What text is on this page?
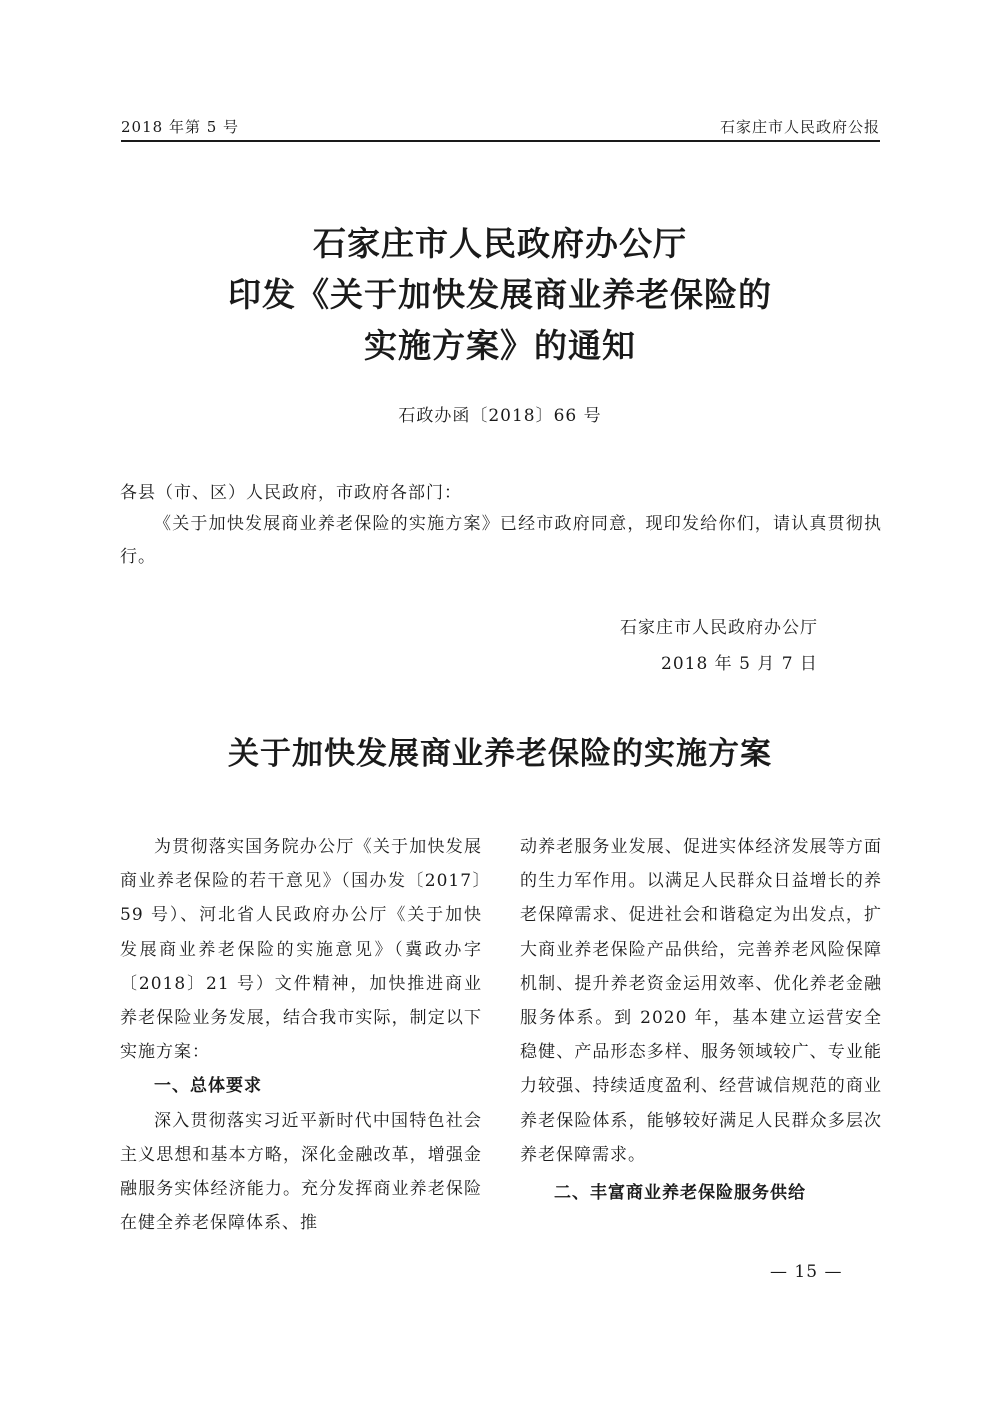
2018 年第 5 号	石家庄市人民政府公报
石家庄市人民政府办公厅
印发《关于加快发展商业养老保险的
实施方案》的通知
石政办函〔2018〕66 号
各县（市、区）人民政府，市政府各部门：

《关于加快发展商业养老保险的实施方案》已经市政府同意，现印发给你们，请认真贯彻执行。

石家庄市人民政府办公厅
2018 年 5 月 7 日
关于加快发展商业养老保险的实施方案

为贯彻落实国务院办公厅《关于加快发展商业养老保险的若干意见》（国办发〔2017〕59 号）、河北省人民政府办公厅《关于加快发展商业养老保险的实施意见》（冀政办字〔2018〕21 号）文件精神，加快推进商业养老保险业务发展，结合我市实际，制定以下实施方案：

一、总体要求

深入贯彻落实习近平新时代中国特色社会主义思想和基本方略，深化金融改革，增强金融服务实体经济能力。充分发挥商业养老保险在健全养老保障体系、推

动养老服务业发展、促进实体经济发展等方面的生力军作用。以满足人民群众日益增长的养老保障需求、促进社会和谐稳定为出发点，扩大商业养老保险产品供给，完善养老风险保障机制、提升养老资金运用效率、优化养老金融服务体系。到 2020 年，基本建立运营安全稳健、产品形态多样、服务领域较广、专业能力较强、持续适度盈利、经营诚信规范的商业养老保险体系，能够较好满足人民群众多层次养老保障需求。

二、丰富商业养老保险服务供给
— 15 —
